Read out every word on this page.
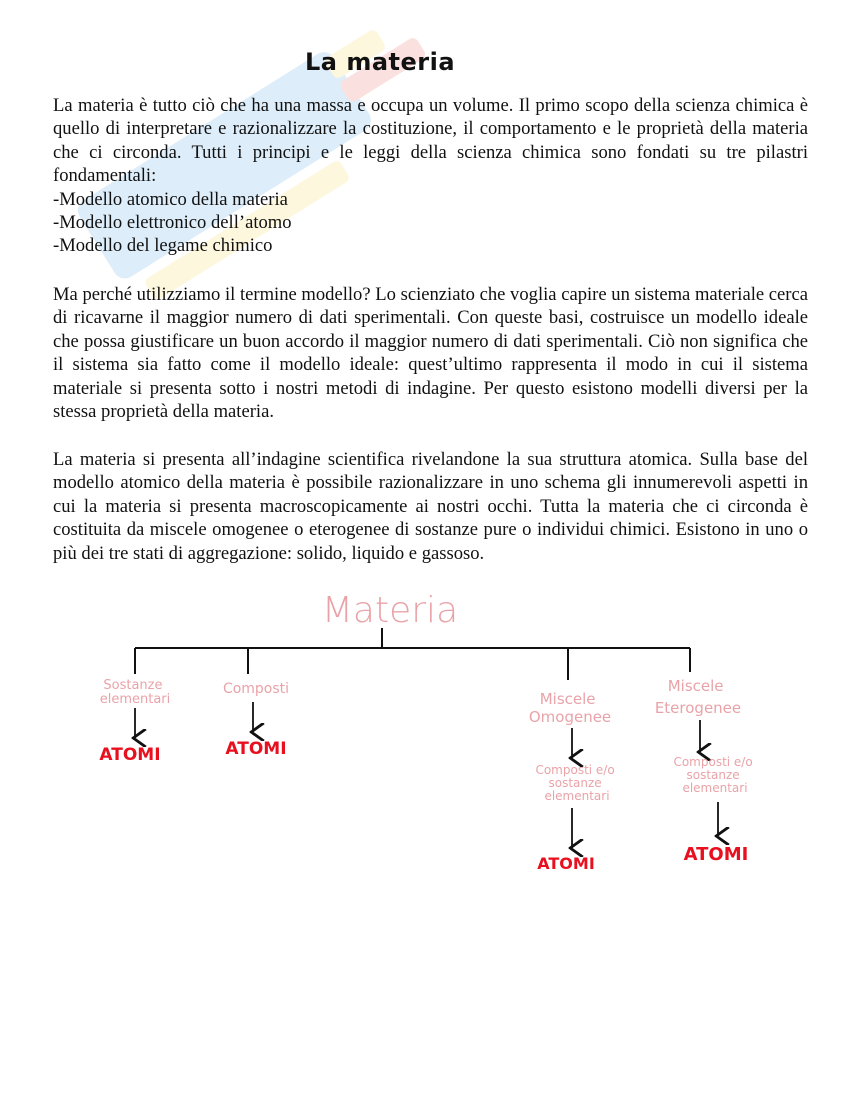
La materia

La materia è tutto ciò che ha una massa e occupa un volume. Il primo scopo della scienza chimica è quello di interpretare e razionalizzare la costituzione, il comportamento e le proprietà della materia che ci circonda. Tutti i principi e le leggi della scienza chimica sono fondati su tre pilastri fondamentali:

-Modello atomico della materia
-Modello elettronico dell’atomo
-Modello del legame chimico

Ma perché utilizziamo il termine modello? Lo scienziato che voglia capire un sistema materiale cerca di ricavarne il maggior numero di dati sperimentali. Con queste basi, costruisce un modello ideale che possa giustificare un buon accordo il maggior numero di dati sperimentali. Ciò non significa che il sistema sia fatto come il modello ideale: quest’ultimo rappresenta il modo in cui il sistema materiale si presenta sotto i nostri metodi di indagine. Per questo esistono modelli diversi per la stessa proprietà della materia.

La materia si presenta all’indagine scientifica rivelandone la sua struttura atomica. Sulla base del modello atomico della materia è possibile razionalizzare in uno schema gli innumerevoli aspetti in cui la materia si presenta macroscopicamente ai nostri occhi. Tutta la materia che ci circonda è costituita da miscele omogenee o eterogenee di sostanze pure o individui chimici. Esistono in uno o più dei tre stati di aggregazione: solido, liquido e gassoso.

Materia
Sostanze elementari
ATOMI
Composti
ATOMI
Miscele Omogenee
Composti e/o sostanze elementari
ATOMI
Miscele Eterogenee
Composti e/o sostanze elementari
ATOMI
